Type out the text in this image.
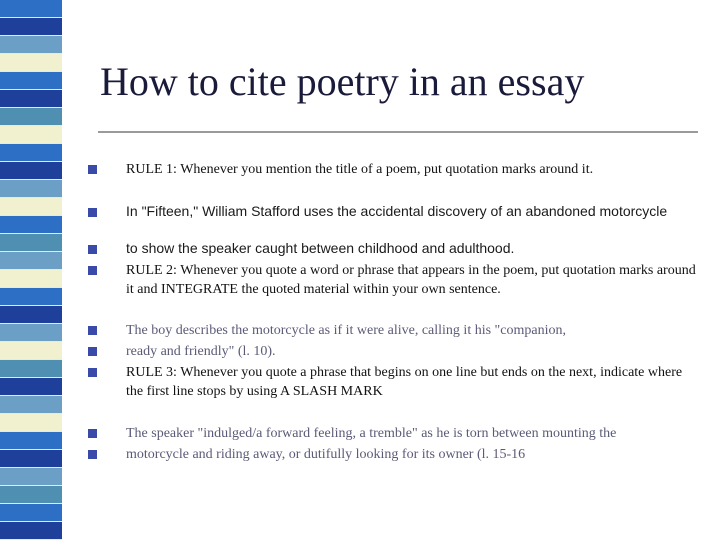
How to cite poetry in an essay
RULE 1: Whenever you mention the title of a poem, put quotation marks around it.
In "Fifteen," William Stafford uses the accidental discovery of an abandoned motorcycle
to show the speaker caught between childhood and adulthood.
RULE 2: Whenever you quote a word or phrase that appears in the poem, put quotation marks around it and INTEGRATE the quoted material within your own sentence.
The boy describes the motorcycle as if it were alive, calling it his "companion,
ready and friendly" (l. 10).
RULE 3: Whenever you quote a phrase that begins on one line but ends on the next, indicate where the first line stops by using A SLASH MARK
The speaker "indulged/a forward feeling, a tremble" as he is torn between mounting the
motorcycle and riding away, or dutifully looking for its owner (l. 15-16
